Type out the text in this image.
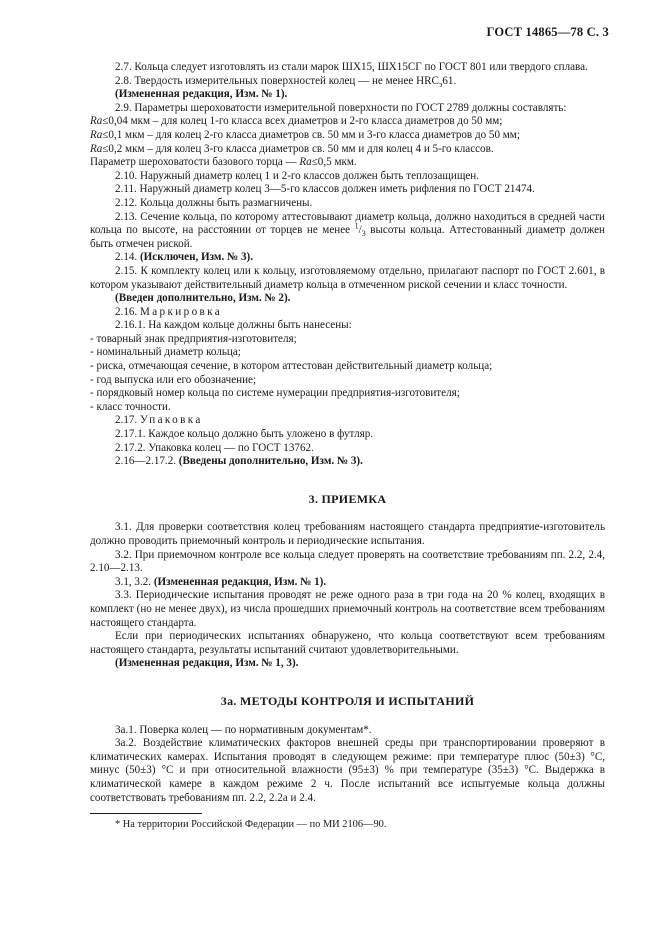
ГОСТ 14865—78 С. 3

2.7. Кольца следует изготовлять из стали марок ШХ15, ШХ15СГ по ГОСТ 801 или твердого сплава.

2.8. Твердость измерительных поверхностей колец — не менее $HRC_э61$.

(Измененная редакция, Изм. № 1).

2.9. Параметры шероховатости измерительной поверхности по ГОСТ 2789 должны составлять:

Ra≤0,04 мкм – для колец 1-го класса всех диаметров и 2-го класса диаметров до 50 мм;

Ra≤0,1 мкм – для колец 2-го класса диаметров св. 50 мм и 3-го класса диаметров до 50 мм;

Ra≤0,2 мкм – для колец 3-го класса диаметров св. 50 мм и для колец 4 и 5-го классов.

Параметр шероховатости базового торца — Ra≤0,5 мкм.

2.10. Наружный диаметр колец 1 и 2-го классов должен быть теплозащищен.

2.11. Наружный диаметр колец 3—5-го классов должен иметь рифления по ГОСТ 21474.

2.12. Кольца должны быть размагничены.

2.13. Сечение кольца, по которому аттестовывают диаметр кольца, должно находиться в средней части кольца по высоте, на расстоянии от торцев не менее $^1/_3$ высоты кольца. Аттестованный диаметр должен быть отмечен риской.

2.14. (Исключен, Изм. № 3).

2.15. К комплекту колец или к кольцу, изготовляемому отдельно, прилагают паспорт по ГОСТ 2.601, в котором указывают действительный диаметр кольца в отмеченном риской сечении и класс точности.

(Введен дополнительно, Изм. № 2).

2.16. Маркировка

2.16.1. На каждом кольце должны быть нанесены:

- товарный знак предприятия-изготовителя;

- номинальный диаметр кольца;

- риска, отмечающая сечение, в котором аттестован действительный диаметр кольца;

- год выпуска или его обозначение;

- порядковый номер кольца по системе нумерации предприятия-изготовителя;

- класс точности.

2.17. Упаковка

2.17.1. Каждое кольцо должно быть уложено в футляр.

2.17.2. Упаковка колец — по ГОСТ 13762.

2.16—2.17.2. (Введены дополнительно, Изм. № 3).

3. ПРИЕМКА

3.1. Для проверки соответствия колец требованиям настоящего стандарта предприятие-изготовитель должно проводить приемочный контроль и периодические испытания.

3.2. При приемочном контроле все кольца следует проверять на соответствие требованиям пп. 2.2, 2.4, 2.10—2.13.

3.1, 3.2. (Измененная редакция, Изм. № 1).

3.3. Периодические испытания проводят не реже одного раза в три года на 20 % колец, входящих в комплект (но не менее двух), из числа прошедших приемочный контроль на соответствие всем требованиям настоящего стандарта.

Если при периодических испытаниях обнаружено, что кольца соответствуют всем требованиям настоящего стандарта, результаты испытаний считают удовлетворительными.

(Измененная редакция, Изм. № 1, 3).

3а. МЕТОДЫ КОНТРОЛЯ И ИСПЫТАНИЙ

3а.1. Поверка колец — по нормативным документам*.

3а.2. Воздействие климатических факторов внешней среды при транспортировании проверяют в климатических камерах. Испытания проводят в следующем режиме: при температуре плюс (50±3) °С, минус (50±3) °С и при относительной влажности (95±3) % при температуре (35±3) °С. Выдержка в климатической камере в каждом режиме 2 ч. После испытаний все испытуемые кольца должны соответствовать требованиям пп. 2.2, 2.2а и 2.4.

* На территории Российской Федерации — по МИ 2106—90.
